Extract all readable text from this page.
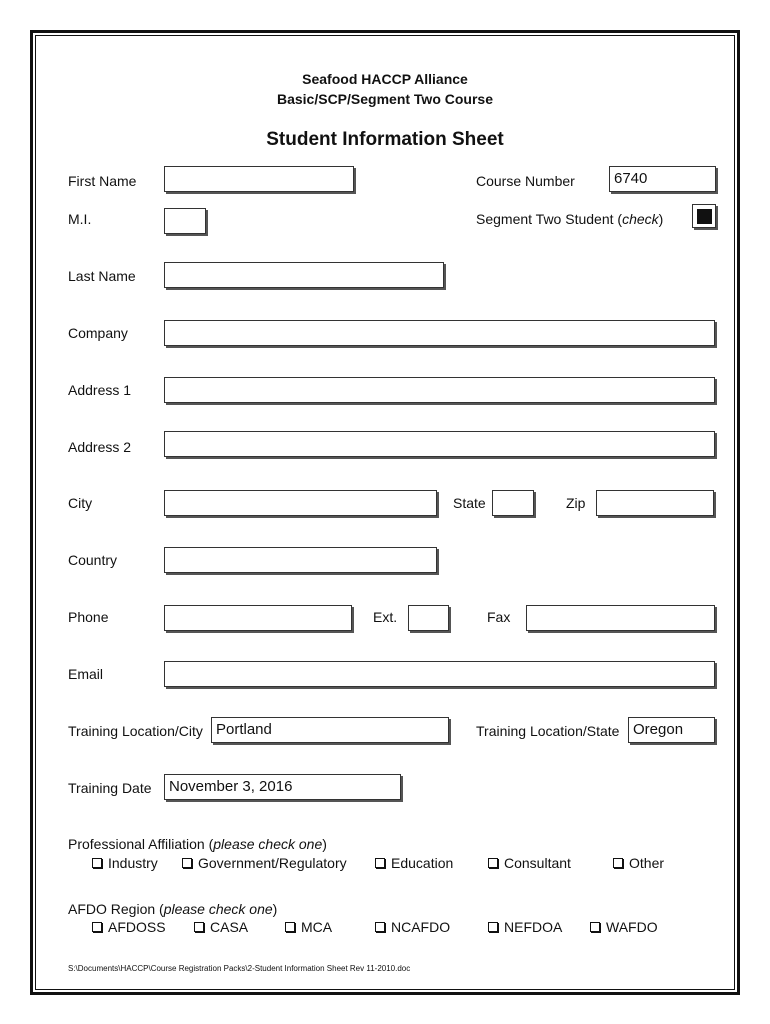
Seafood HACCP Alliance
Basic/SCP/Segment Two Course
Student Information Sheet
First Name	Course Number	6740
M.I.	Segment Two Student (check)
Last Name
Company
Address 1
Address 2
City	State	Zip
Country
Phone	Ext.	Fax
Email
Training Location/City Portland	Training Location/State Oregon
Training Date	November 3, 2016
Professional Affiliation (please check one)
Industry	Government/Regulatory	Education	Consultant	Other
AFDO Region (please check one)
AFDOSS	CASA	MCA	NCAFDO	NEFDOA	WAFDO
S:\Documents\HACCP\Course Registration Packs\2-Student Information Sheet Rev 11-2010.doc
